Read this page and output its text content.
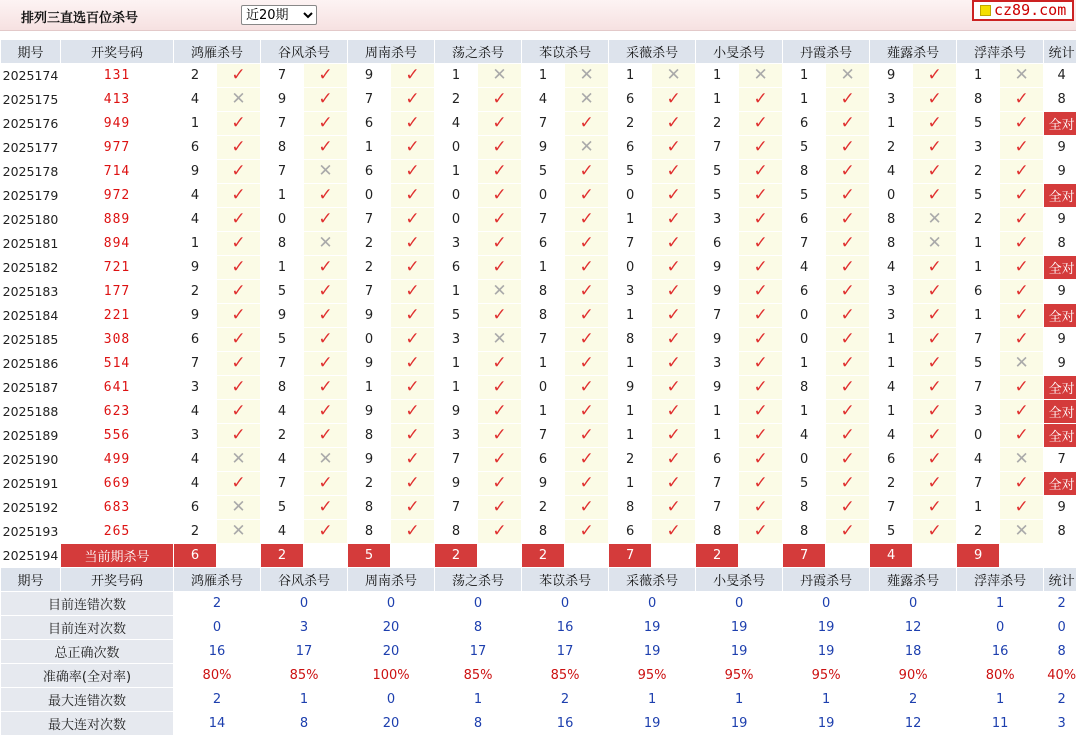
排列三直选百位杀号
近20期	cz89.com
期号	开奖号码	鸿雁杀号		谷风杀号		周南杀号		荡之杀号		苯苡杀号		采薇杀号		小旻杀号		丹霞杀号		薤露杀号		浮萍杀号		统计
2025174	131	2	✓	7	✓	9	✓	1	✕	1	✕	1	✕	1	✕	1	✕	9	✓	1	✕	4
2025175	413	4	✕	9	✓	7	✓	2	✓	4	✕	6	✓	1	✓	1	✓	3	✓	8	✓	8
2025176	949	1	✓	7	✓	6	✓	4	✓	7	✓	2	✓	2	✓	6	✓	1	✓	5	✓	全对
2025177	977	6	✓	8	✓	1	✓	0	✓	9	✕	6	✓	7	✓	5	✓	2	✓	3	✓	9
2025178	714	9	✓	7	✕	6	✓	1	✓	5	✓	5	✓	5	✓	8	✓	4	✓	2	✓	9
2025179	972	4	✓	1	✓	0	✓	0	✓	0	✓	0	✓	5	✓	5	✓	0	✓	5	✓	全对
2025180	889	4	✓	0	✓	7	✓	0	✓	7	✓	1	✓	3	✓	6	✓	8	✕	2	✓	9
2025181	894	1	✓	8	✕	2	✓	3	✓	6	✓	7	✓	6	✓	7	✓	8	✕	1	✓	8
2025182	721	9	✓	1	✓	2	✓	6	✓	1	✓	0	✓	9	✓	4	✓	4	✓	1	✓	全对
2025183	177	2	✓	5	✓	7	✓	1	✕	8	✓	3	✓	9	✓	6	✓	3	✓	6	✓	9
2025184	221	9	✓	9	✓	9	✓	5	✓	8	✓	1	✓	7	✓	0	✓	3	✓	1	✓	全对
2025185	308	6	✓	5	✓	0	✓	3	✕	7	✓	8	✓	9	✓	0	✓	1	✓	7	✓	9
2025186	514	7	✓	7	✓	9	✓	1	✓	1	✓	1	✓	3	✓	1	✓	1	✓	5	✕	9
2025187	641	3	✓	8	✓	1	✓	1	✓	0	✓	9	✓	9	✓	8	✓	4	✓	7	✓	全对
2025188	623	4	✓	4	✓	9	✓	9	✓	1	✓	1	✓	1	✓	1	✓	1	✓	3	✓	全对
2025189	556	3	✓	2	✓	8	✓	3	✓	7	✓	1	✓	1	✓	4	✓	4	✓	0	✓	全对
2025190	499	4	✕	4	✕	9	✓	7	✓	6	✓	2	✓	6	✓	0	✓	6	✓	4	✕	7
2025191	669	4	✓	7	✓	2	✓	9	✓	9	✓	1	✓	7	✓	5	✓	2	✓	7	✓	全对
2025192	683	6	✕	5	✓	8	✓	7	✓	2	✓	8	✓	7	✓	8	✓	7	✓	1	✓	9
2025193	265	2	✕	4	✓	8	✓	8	✓	8	✓	6	✓	8	✓	8	✓	5	✓	2	✕	8
2025194	当前期杀号	6		2		5		2		2		7		2		7		4		9		
期号	开奖号码	鸿雁杀号		谷风杀号		周南杀号		荡之杀号		苯苡杀号		采薇杀号		小旻杀号		丹霞杀号		薤露杀号		浮萍杀号		统计
目前连错次数		2		0		0		0		0		0		0		0		0		1		2
目前连对次数		0		3		20		8		16		19		19		19		12		0		0
总正确次数		16		17		20		17		17		19		19		19		18		16		8
准确率(全对率)		80%		85%		100%		85%		85%		95%		95%		95%		90%		80%		40%
最大连错次数		2		1		0		1		2		1		1		1		2		1		2
最大连对次数		14		8		20		8		16		19		19		19		12		11		3
